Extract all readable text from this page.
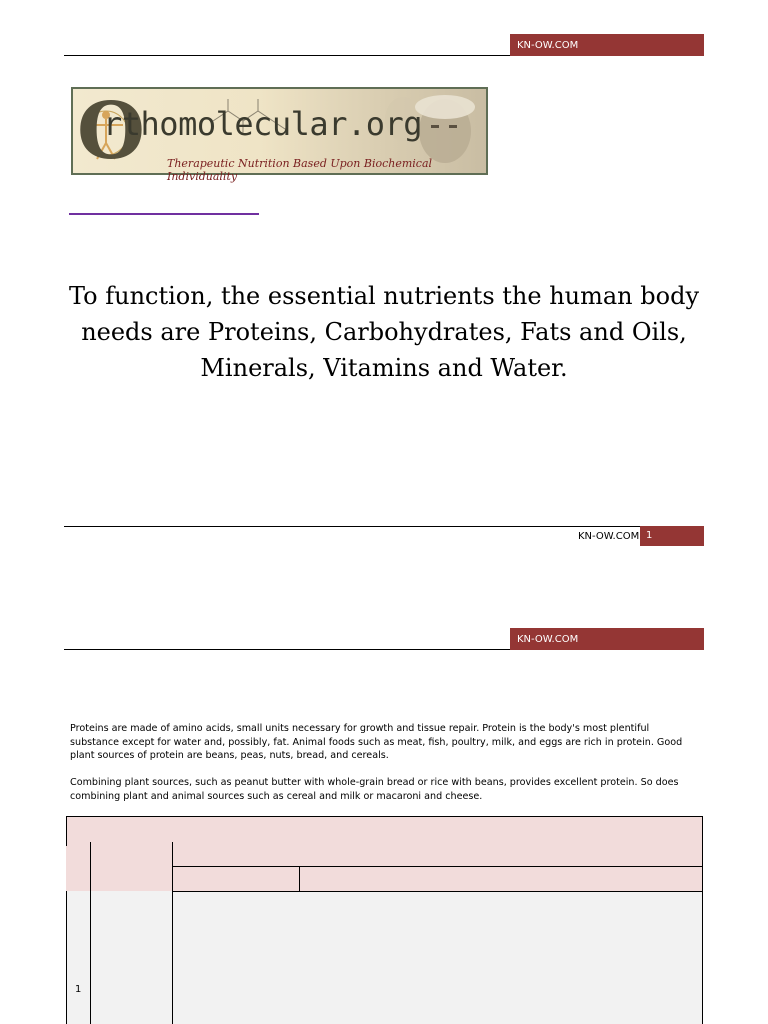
KN-OW.COM
O
rthomolecular.org
Therapeutic Nutrition Based Upon Biochemical Individuality
To function, the essential nutrients the human body needs are Proteins, Carbohydrates, Fats and Oils, Minerals, Vitamins and Water.
KN-OW.COM 1
KN-OW.COM
Proteins are made of amino acids, small units necessary for growth and tissue repair. Protein is the body's most plentiful substance except for water and, possibly, fat. Animal foods such as meat, fish, poultry, milk, and eggs are rich in protein. Good plant sources of protein are beans, peas, nuts, bread, and cereals.
Combining plant sources, such as peanut butter with whole-grain bread or rice with beans, provides excellent protein. So does combining plant and animal sources such as cereal and milk or macaroni and cheese.
1
